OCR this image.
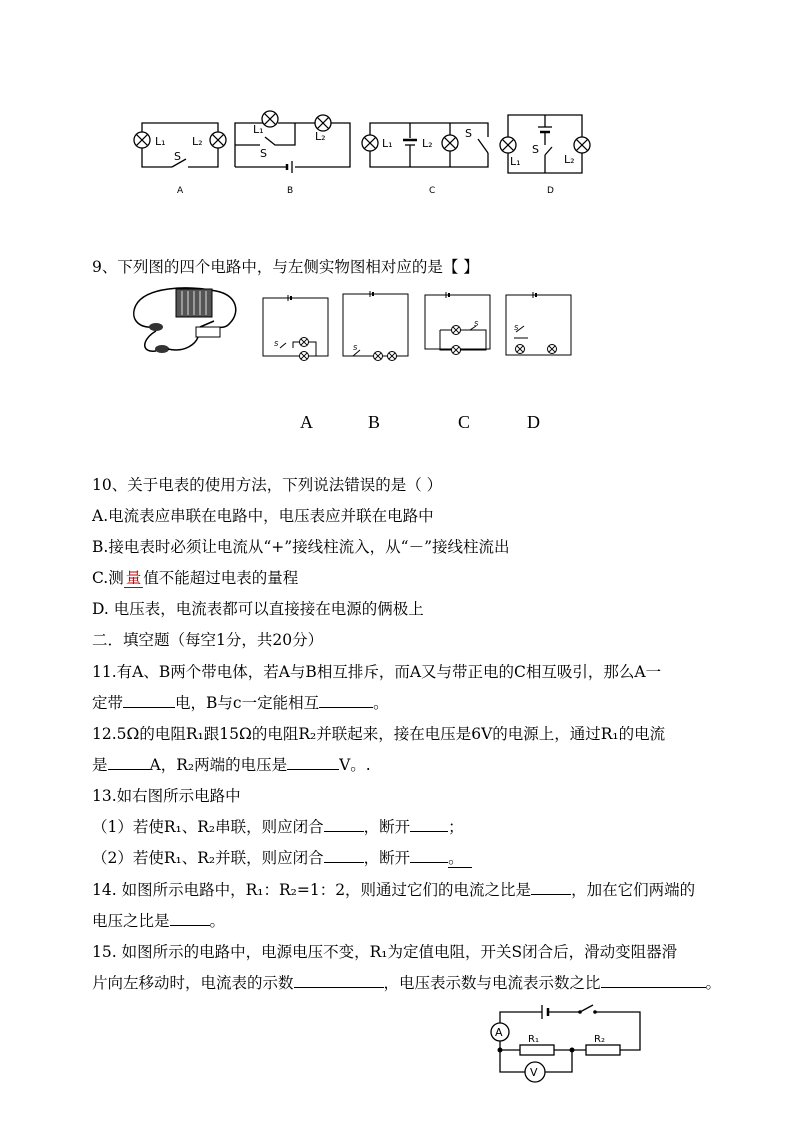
L₁ L₂
S
L₁
L₂
S
L₁	L₂
S
L₁	L₂
S
A	B	C	D
9、下列图的四个电路中，与左侧实物图相对应的是【 】
S	S
S	S
A	B	C	D
10、关于电表的使用方法，下列说法错误的是（ ）
A.电流表应串联在电路中，电压表应并联在电路中
B.接电表时必须让电流从“+”接线柱流入，从“－”接线柱流出
C.测 量 值不能超过电表的量程
D. 电压表，电流表都可以直接接在电源的俩极上
二．填空题（每空1分，共20分）
11.有A、B两个带电体，若A与B相互排斥，而A又与带正电的C相互吸引，那么A一
定带	电，B与c一定能相互	。
12.5Ω的电阻R₁跟15Ω的电阻R₂并联起来，接在电压是6V的电源上，通过R₁的电流
是	A，R₂两端的电压是	V。.
13.如右图所示电路中
（1）若使R₁、R₂串联，则应闭合	，断开 ；
（2）若使R₁、R₂并联，则应闭合	，断开 。
14. 如图所示电路中，R₁：R₂=1：2，则通过它们的电流之比是	，加在它们两端的
电压之比是	。
15. 如图所示的电路中，电源电压不变，R₁为定值电阻，开关S闭合后，滑动变阻器滑
片向左移动时，电流表的示数	，电压表示数与电流表示数之比	。
A
V
R₁	R₂
